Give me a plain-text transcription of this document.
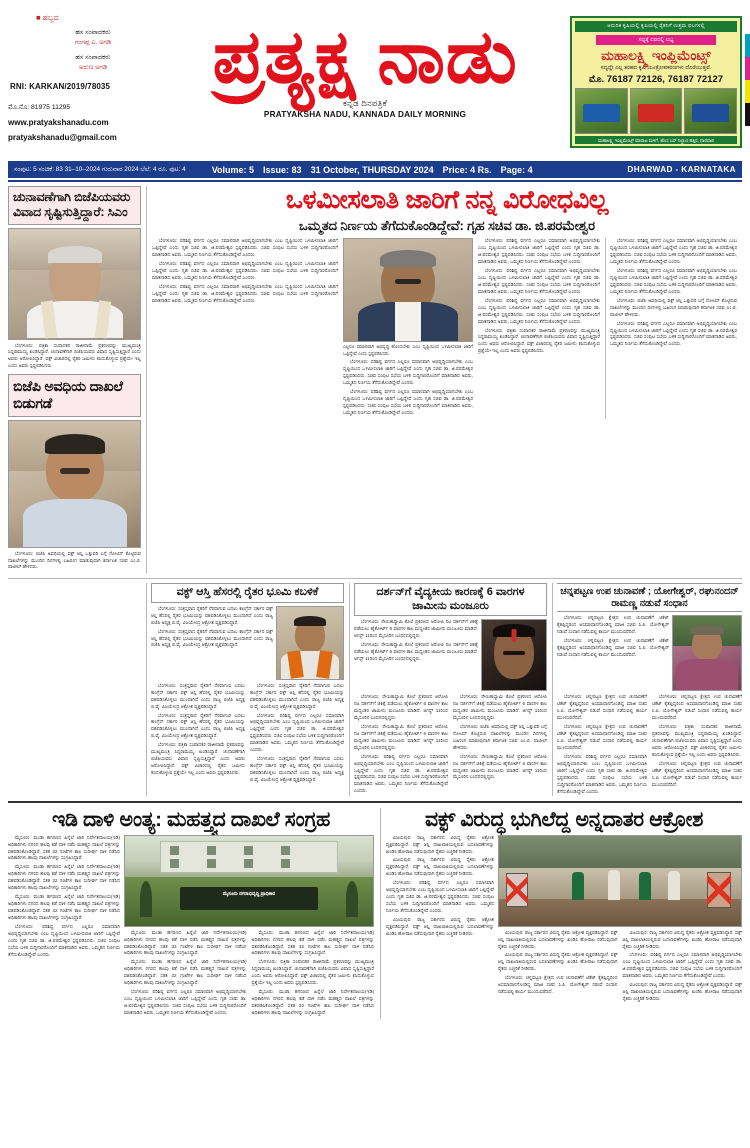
■ ಹಬ್ಬದ
ಹಸ ಸಂಪಾದಕರು
ಗಂಗಪ್ಪ ಎ. ಅಗಡಿ
ಹಸ ಸಂಪಾದಕರು
ಅರುಣ ಅಗಡಿ
RNI: KARKAN/2019/78035
ಮೊ.ನೊ: 81975 11295
www.pratyakshanadu.com
pratyakshanadu@gmail.com
ಪ್ರತ್ಯಕ್ಷ ನಾಡು
ಕನ್ನಡ ದಿನಪತ್ರಿಕೆ
PRATYAKSHA NADU, KANNADA DAILY MORNING
ಆಧುನಿಕ ಕೃಷಿಯಲ್ಲಿ ಕೃಷಿಯಲ್ಲಿ ರೈತನಿಗೆ ಉತ್ತಮ ಫಲಗಳಲ್ಲಿ
ಸಧ್ಯಕ್ಕೆ ದರದಲ್ಲಿ ಲಭ್ಯ
ಮಹಾಲಕ್ಷ್ಮಿ ಇಂಪ್ಲಿಮೆಂಟ್ಸ್
ಸದ್ಯದ್ದೇ ಎಲ್ಲ ತರಹದ ಕೃಷಿ ಯಂತ್ರೋಪಕರಣಗಳು ದೊರೆಯುತ್ತವೆ.
ಮೊ. 76187 72126, 76187 72127
ಮಹಾಲಕ್ಷ್ಮಿ ಇಂಪ್ಲಿಮೆಂಟ್ಸ್ ಮಾರಾಟ ಮಳಿಗೆ, ಹೊಸ ಬಸ್ ನಿಲ್ದಾಣ ಹತ್ತಿರ, ಧಾರವಾಡ
ಸಂಪುಟ: 5 ಸಂಚಿಕೆ: 83 31–10–2024 ಗುರುವಾರ 2024 ಬೆಲೆ: 4 ರೂ. ಪುಟ: 4	Volume: 5 Issue: 83 31 October, THURSDAY 2024 Price: 4 Rs. Page: 4	DHARWAD - KARNATAKA
ಚುನಾವಣೆಗಾಗಿ ಬಿಜೆಪಿಯವರು ವಿವಾದ ಸೃಷ್ಟಿಸುತ್ತಿದ್ದಾರೆ: ಸಿಎಂ

ಬೆಂಗಳೂರು: ಪತ್ರಿಕಾ ಸಂಪಾದಕರ ರಾಜೀನಾಮೆ ಪ್ರಕರಣವನ್ನು ಮುಖ್ಯಮಂತ್ರಿ ಸಿದ್ದರಾಮಯ್ಯ ಖಂಡಿಸಿದ್ದಾರೆ. ಚುನಾವಣೆಗಾಗಿ ಬಿಜೆಪಿಯವರು ವಿವಾದ ಸೃಷ್ಟಿಸುತ್ತಿದ್ದಾರೆ ಎಂದು ಅವರು ಆರೋಪಿಸಿದ್ದಾರೆ. ವಕ್ಫ್ ವಿಚಾರದಲ್ಲಿ ರೈತರ ಜಮೀನು ಕಸಿದುಕೊಳ್ಳುವ ಪ್ರಶ್ನೆಯೇ ಇಲ್ಲ ಎಂದು ಅವರು ಸ್ಪಷ್ಟಪಡಿಸಿದರು.

ಬಿಜೆಪಿ ಅವಧಿಯ ದಾಖಲೆ ಬಿಡುಗಡೆ

ಬೆಂಗಳೂರು: ಬಿಜೆಪಿ ಅವಧಿಯಲ್ಲಿ ವಕ್ಫ್ ಆಸ್ತಿ ಒತ್ತುವರಿ ಬಗ್ಗೆ ನೋಟಿಸ್ ಕೊಟ್ಟಿರುವ ದಾಖಲೆಗಳನ್ನು ಮುಂದಿನ ದಿನಗಳಲ್ಲಿ ಬಹಿರಂಗ ಮಾಡುವುದಾಗಿ ಕರ್ನಾಟಕ ಸಚಿವ ಎಂ.ಬಿ. ಪಾಟೀಲ್ ಹೇಳಿದರು.

ಒಳಮೀಸಲಾತಿ ಜಾರಿಗೆ ನನ್ನ ವಿರೋಧವಿಲ್ಲ
ಒಮ್ಮತದ ನಿರ್ಣಯ ತೆಗೆದುಕೊಂಡಿದ್ದೇವೆ: ಗೃಹ ಸಚಿವ ಡಾ. ಜಿ.ಪರಮೇಶ್ವರ

ಬೆಂಗಳೂರು: ಪರಿಶಿಷ್ಟ ವರ್ಗದ ಎಲ್ಲರೂ ಸಮಾನವಾಗಿ ಅಭಿವೃದ್ಧಿಯಾಗಬೇಕು ಎಂಬ ದೃಷ್ಟಿಯಿಂದ ಒಳಮೀಸಲಾತಿ ಜಾರಿಗೆ ಒಪ್ಪಿದ್ದೇವೆ ಎಂದು ಗೃಹ ಸಚಿವ ಡಾ. ಜಿ.ಪರಮೇಶ್ವರ ಸ್ಪಷ್ಟಪಡಿಸಿದರು. ಸಚಿವ ಸಂಪುಟ ಸಭೆಯ ಬಳಿಕ ಸುದ್ದಿಗಾರರೊಂದಿಗೆ ಮಾತನಾಡಿದ ಅವರು, ಒಮ್ಮತದ ನಿರ್ಣಯ ತೆಗೆದುಕೊಂಡಿದ್ದೇವೆ ಎಂದರು.

ಬೆಂಗಳೂರು: ಪರಿಶಿಷ್ಟ ವರ್ಗದ ಎಲ್ಲರೂ ಸಮಾನವಾಗಿ ಅಭಿವೃದ್ಧಿಯಾಗಬೇಕು ಎಂಬ ದೃಷ್ಟಿಯಿಂದ ಒಳಮೀಸಲಾತಿ ಜಾರಿಗೆ ಒಪ್ಪಿದ್ದೇವೆ ಎಂದು ಗೃಹ ಸಚಿವ ಡಾ. ಜಿ.ಪರಮೇಶ್ವರ ಸ್ಪಷ್ಟಪಡಿಸಿದರು. ಸಚಿವ ಸಂಪುಟ ಸಭೆಯ ಬಳಿಕ ಸುದ್ದಿಗಾರರೊಂದಿಗೆ ಮಾತನಾಡಿದ ಅವರು, ಒಮ್ಮತದ ನಿರ್ಣಯ ತೆಗೆದುಕೊಂಡಿದ್ದೇವೆ ಎಂದರು.

ಬೆಂಗಳೂರು: ಪರಿಶಿಷ್ಟ ವರ್ಗದ ಎಲ್ಲರೂ ಸಮಾನವಾಗಿ ಅಭಿವೃದ್ಧಿಯಾಗಬೇಕು ಎಂಬ ದೃಷ್ಟಿಯಿಂದ ಒಳಮೀಸಲಾತಿ ಜಾರಿಗೆ ಒಪ್ಪಿದ್ದೇವೆ ಎಂದು ಗೃಹ ಸಚಿವ ಡಾ. ಜಿ.ಪರಮೇಶ್ವರ ಸ್ಪಷ್ಟಪಡಿಸಿದರು. ಸಚಿವ ಸಂಪುಟ ಸಭೆಯ ಬಳಿಕ ಸುದ್ದಿಗಾರರೊಂದಿಗೆ ಮಾತನಾಡಿದ ಅವರು, ಒಮ್ಮತದ ನಿರ್ಣಯ ತೆಗೆದುಕೊಂಡಿದ್ದೇವೆ ಎಂದರು.

ಎಲ್ಲರೂ ಸಮಾನವಾಗಿ ಅಭಿವೃದ್ಧಿ ಹೊಂದಬೇಕು ಎಂಬ ದೃಷ್ಟಿಯಿಂದ ಒಳಮೀಸಲಾತಿ ಜಾರಿಗೆ ಒಪ್ಪಿದ್ದೇವೆ ಎಂದು ಸ್ಪಷ್ಟಪಡಿಸಿದರು.

ಬೆಂಗಳೂರು: ಪರಿಶಿಷ್ಟ ವರ್ಗದ ಎಲ್ಲರೂ ಸಮಾನವಾಗಿ ಅಭಿವೃದ್ಧಿಯಾಗಬೇಕು ಎಂಬ ದೃಷ್ಟಿಯಿಂದ ಒಳಮೀಸಲಾತಿ ಜಾರಿಗೆ ಒಪ್ಪಿದ್ದೇವೆ ಎಂದು ಗೃಹ ಸಚಿವ ಡಾ. ಜಿ.ಪರಮೇಶ್ವರ ಸ್ಪಷ್ಟಪಡಿಸಿದರು. ಸಚಿವ ಸಂಪುಟ ಸಭೆಯ ಬಳಿಕ ಸುದ್ದಿಗಾರರೊಂದಿಗೆ ಮಾತನಾಡಿದ ಅವರು, ಒಮ್ಮತದ ನಿರ್ಣಯ ತೆಗೆದುಕೊಂಡಿದ್ದೇವೆ ಎಂದರು.

ಬೆಂಗಳೂರು: ಪರಿಶಿಷ್ಟ ವರ್ಗದ ಎಲ್ಲರೂ ಸಮಾನವಾಗಿ ಅಭಿವೃದ್ಧಿಯಾಗಬೇಕು ಎಂಬ ದೃಷ್ಟಿಯಿಂದ ಒಳಮೀಸಲಾತಿ ಜಾರಿಗೆ ಒಪ್ಪಿದ್ದೇವೆ ಎಂದು ಗೃಹ ಸಚಿವ ಡಾ. ಜಿ.ಪರಮೇಶ್ವರ ಸ್ಪಷ್ಟಪಡಿಸಿದರು. ಸಚಿವ ಸಂಪುಟ ಸಭೆಯ ಬಳಿಕ ಸುದ್ದಿಗಾರರೊಂದಿಗೆ ಮಾತನಾಡಿದ ಅವರು, ಒಮ್ಮತದ ನಿರ್ಣಯ ತೆಗೆದುಕೊಂಡಿದ್ದೇವೆ ಎಂದರು.

ಬೆಂಗಳೂರು: ಪರಿಶಿಷ್ಟ ವರ್ಗದ ಎಲ್ಲರೂ ಸಮಾನವಾಗಿ ಅಭಿವೃದ್ಧಿಯಾಗಬೇಕು ಎಂಬ ದೃಷ್ಟಿಯಿಂದ ಒಳಮೀಸಲಾತಿ ಜಾರಿಗೆ ಒಪ್ಪಿದ್ದೇವೆ ಎಂದು ಗೃಹ ಸಚಿವ ಡಾ. ಜಿ.ಪರಮೇಶ್ವರ ಸ್ಪಷ್ಟಪಡಿಸಿದರು. ಸಚಿವ ಸಂಪುಟ ಸಭೆಯ ಬಳಿಕ ಸುದ್ದಿಗಾರರೊಂದಿಗೆ ಮಾತನಾಡಿದ ಅವರು, ಒಮ್ಮತದ ನಿರ್ಣಯ ತೆಗೆದುಕೊಂಡಿದ್ದೇವೆ ಎಂದರು.

ಬೆಂಗಳೂರು: ಪರಿಶಿಷ್ಟ ವರ್ಗದ ಎಲ್ಲರೂ ಸಮಾನವಾಗಿ ಅಭಿವೃದ್ಧಿಯಾಗಬೇಕು ಎಂಬ ದೃಷ್ಟಿಯಿಂದ ಒಳಮೀಸಲಾತಿ ಜಾರಿಗೆ ಒಪ್ಪಿದ್ದೇವೆ ಎಂದು ಗೃಹ ಸಚಿವ ಡಾ. ಜಿ.ಪರಮೇಶ್ವರ ಸ್ಪಷ್ಟಪಡಿಸಿದರು. ಸಚಿವ ಸಂಪುಟ ಸಭೆಯ ಬಳಿಕ ಸುದ್ದಿಗಾರರೊಂದಿಗೆ ಮಾತನಾಡಿದ ಅವರು, ಒಮ್ಮತದ ನಿರ್ಣಯ ತೆಗೆದುಕೊಂಡಿದ್ದೇವೆ ಎಂದರು.

ಬೆಂಗಳೂರು: ಪರಿಶಿಷ್ಟ ವರ್ಗದ ಎಲ್ಲರೂ ಸಮಾನವಾಗಿ ಅಭಿವೃದ್ಧಿಯಾಗಬೇಕು ಎಂಬ ದೃಷ್ಟಿಯಿಂದ ಒಳಮೀಸಲಾತಿ ಜಾರಿಗೆ ಒಪ್ಪಿದ್ದೇವೆ ಎಂದು ಗೃಹ ಸಚಿವ ಡಾ. ಜಿ.ಪರಮೇಶ್ವರ ಸ್ಪಷ್ಟಪಡಿಸಿದರು. ಸಚಿವ ಸಂಪುಟ ಸಭೆಯ ಬಳಿಕ ಸುದ್ದಿಗಾರರೊಂದಿಗೆ ಮಾತನಾಡಿದ ಅವರು, ಒಮ್ಮತದ ನಿರ್ಣಯ ತೆಗೆದುಕೊಂಡಿದ್ದೇವೆ ಎಂದರು.

ಬೆಂಗಳೂರು: ಪತ್ರಿಕಾ ಸಂಪಾದಕರ ರಾಜೀನಾಮೆ ಪ್ರಕರಣವನ್ನು ಮುಖ್ಯಮಂತ್ರಿ ಸಿದ್ದರಾಮಯ್ಯ ಖಂಡಿಸಿದ್ದಾರೆ. ಚುನಾವಣೆಗಾಗಿ ಬಿಜೆಪಿಯವರು ವಿವಾದ ಸೃಷ್ಟಿಸುತ್ತಿದ್ದಾರೆ ಎಂದು ಅವರು ಆರೋಪಿಸಿದ್ದಾರೆ. ವಕ್ಫ್ ವಿಚಾರದಲ್ಲಿ ರೈತರ ಜಮೀನು ಕಸಿದುಕೊಳ್ಳುವ ಪ್ರಶ್ನೆಯೇ ಇಲ್ಲ ಎಂದು ಅವರು ಸ್ಪಷ್ಟಪಡಿಸಿದರು.

ಬೆಂಗಳೂರು: ಪರಿಶಿಷ್ಟ ವರ್ಗದ ಎಲ್ಲರೂ ಸಮಾನವಾಗಿ ಅಭಿವೃದ್ಧಿಯಾಗಬೇಕು ಎಂಬ ದೃಷ್ಟಿಯಿಂದ ಒಳಮೀಸಲಾತಿ ಜಾರಿಗೆ ಒಪ್ಪಿದ್ದೇವೆ ಎಂದು ಗೃಹ ಸಚಿವ ಡಾ. ಜಿ.ಪರಮೇಶ್ವರ ಸ್ಪಷ್ಟಪಡಿಸಿದರು. ಸಚಿವ ಸಂಪುಟ ಸಭೆಯ ಬಳಿಕ ಸುದ್ದಿಗಾರರೊಂದಿಗೆ ಮಾತನಾಡಿದ ಅವರು, ಒಮ್ಮತದ ನಿರ್ಣಯ ತೆಗೆದುಕೊಂಡಿದ್ದೇವೆ ಎಂದರು.

ಬೆಂಗಳೂರು: ಪರಿಶಿಷ್ಟ ವರ್ಗದ ಎಲ್ಲರೂ ಸಮಾನವಾಗಿ ಅಭಿವೃದ್ಧಿಯಾಗಬೇಕು ಎಂಬ ದೃಷ್ಟಿಯಿಂದ ಒಳಮೀಸಲಾತಿ ಜಾರಿಗೆ ಒಪ್ಪಿದ್ದೇವೆ ಎಂದು ಗೃಹ ಸಚಿವ ಡಾ. ಜಿ.ಪರಮೇಶ್ವರ ಸ್ಪಷ್ಟಪಡಿಸಿದರು. ಸಚಿವ ಸಂಪುಟ ಸಭೆಯ ಬಳಿಕ ಸುದ್ದಿಗಾರರೊಂದಿಗೆ ಮಾತನಾಡಿದ ಅವರು, ಒಮ್ಮತದ ನಿರ್ಣಯ ತೆಗೆದುಕೊಂಡಿದ್ದೇವೆ ಎಂದರು.

ಬೆಂಗಳೂರು: ಬಿಜೆಪಿ ಅವಧಿಯಲ್ಲಿ ವಕ್ಫ್ ಆಸ್ತಿ ಒತ್ತುವರಿ ಬಗ್ಗೆ ನೋಟಿಸ್ ಕೊಟ್ಟಿರುವ ದಾಖಲೆಗಳನ್ನು ಮುಂದಿನ ದಿನಗಳಲ್ಲಿ ಬಹಿರಂಗ ಮಾಡುವುದಾಗಿ ಕರ್ನಾಟಕ ಸಚಿವ ಎಂ.ಬಿ. ಪಾಟೀಲ್ ಹೇಳಿದರು.

ಬೆಂಗಳೂರು: ಪರಿಶಿಷ್ಟ ವರ್ಗದ ಎಲ್ಲರೂ ಸಮಾನವಾಗಿ ಅಭಿವೃದ್ಧಿಯಾಗಬೇಕು ಎಂಬ ದೃಷ್ಟಿಯಿಂದ ಒಳಮೀಸಲಾತಿ ಜಾರಿಗೆ ಒಪ್ಪಿದ್ದೇವೆ ಎಂದು ಗೃಹ ಸಚಿವ ಡಾ. ಜಿ.ಪರಮೇಶ್ವರ ಸ್ಪಷ್ಟಪಡಿಸಿದರು. ಸಚಿವ ಸಂಪುಟ ಸಭೆಯ ಬಳಿಕ ಸುದ್ದಿಗಾರರೊಂದಿಗೆ ಮಾತನಾಡಿದ ಅವರು, ಒಮ್ಮತದ ನಿರ್ಣಯ ತೆಗೆದುಕೊಂಡಿದ್ದೇವೆ ಎಂದರು.

ವಕ್ಫ್ ಆಸ್ತಿ ಹೆಸರಲ್ಲಿ ರೈತರ ಭೂಮಿ ಕಬಳಿಕೆ

ಬೆಂಗಳೂರು: ಸಂತ್ರಸ್ತರಾದ ರೈತರಿಗೆ ನೆರವಾಗುವ ಬದಲು ಕಾಂಗ್ರೆಸ್ ಸರ್ಕಾರ ವಕ್ಫ್ ಆಸ್ತಿ ಹೆಸರಲ್ಲಿ ರೈತರ ಭೂಮಿಯನ್ನು ವಶಪಡಿಸಿಕೊಳ್ಳಲು ಮುಂದಾಗಿದೆ ಎಂದು ರಾಜ್ಯ ಬಿಜೆಪಿ ಅಧ್ಯಕ್ಷ ಬಿ.ವೈ. ವಿಜಯೇಂದ್ರ ಆಕ್ರೋಶ ವ್ಯಕ್ತಪಡಿಸಿದ್ದಾರೆ.

ಬೆಂಗಳೂರು: ಸಂತ್ರಸ್ತರಾದ ರೈತರಿಗೆ ನೆರವಾಗುವ ಬದಲು ಕಾಂಗ್ರೆಸ್ ಸರ್ಕಾರ ವಕ್ಫ್ ಆಸ್ತಿ ಹೆಸರಲ್ಲಿ ರೈತರ ಭೂಮಿಯನ್ನು ವಶಪಡಿಸಿಕೊಳ್ಳಲು ಮುಂದಾಗಿದೆ ಎಂದು ರಾಜ್ಯ ಬಿಜೆಪಿ ಅಧ್ಯಕ್ಷ ಬಿ.ವೈ. ವಿಜಯೇಂದ್ರ ಆಕ್ರೋಶ ವ್ಯಕ್ತಪಡಿಸಿದ್ದಾರೆ.

ಬೆಂಗಳೂರು: ಸಂತ್ರಸ್ತರಾದ ರೈತರಿಗೆ ನೆರವಾಗುವ ಬದಲು ಕಾಂಗ್ರೆಸ್ ಸರ್ಕಾರ ವಕ್ಫ್ ಆಸ್ತಿ ಹೆಸರಲ್ಲಿ ರೈತರ ಭೂಮಿಯನ್ನು ವಶಪಡಿಸಿಕೊಳ್ಳಲು ಮುಂದಾಗಿದೆ ಎಂದು ರಾಜ್ಯ ಬಿಜೆಪಿ ಅಧ್ಯಕ್ಷ ಬಿ.ವೈ. ವಿಜಯೇಂದ್ರ ಆಕ್ರೋಶ ವ್ಯಕ್ತಪಡಿಸಿದ್ದಾರೆ.

ಬೆಂಗಳೂರು: ಸಂತ್ರಸ್ತರಾದ ರೈತರಿಗೆ ನೆರವಾಗುವ ಬದಲು ಕಾಂಗ್ರೆಸ್ ಸರ್ಕಾರ ವಕ್ಫ್ ಆಸ್ತಿ ಹೆಸರಲ್ಲಿ ರೈತರ ಭೂಮಿಯನ್ನು ವಶಪಡಿಸಿಕೊಳ್ಳಲು ಮುಂದಾಗಿದೆ ಎಂದು ರಾಜ್ಯ ಬಿಜೆಪಿ ಅಧ್ಯಕ್ಷ ಬಿ.ವೈ. ವಿಜಯೇಂದ್ರ ಆಕ್ರೋಶ ವ್ಯಕ್ತಪಡಿಸಿದ್ದಾರೆ.

ಬೆಂಗಳೂರು: ಪತ್ರಿಕಾ ಸಂಪಾದಕರ ರಾಜೀನಾಮೆ ಪ್ರಕರಣವನ್ನು ಮುಖ್ಯಮಂತ್ರಿ ಸಿದ್ದರಾಮಯ್ಯ ಖಂಡಿಸಿದ್ದಾರೆ. ಚುನಾವಣೆಗಾಗಿ ಬಿಜೆಪಿಯವರು ವಿವಾದ ಸೃಷ್ಟಿಸುತ್ತಿದ್ದಾರೆ ಎಂದು ಅವರು ಆರೋಪಿಸಿದ್ದಾರೆ. ವಕ್ಫ್ ವಿಚಾರದಲ್ಲಿ ರೈತರ ಜಮೀನು ಕಸಿದುಕೊಳ್ಳುವ ಪ್ರಶ್ನೆಯೇ ಇಲ್ಲ ಎಂದು ಅವರು ಸ್ಪಷ್ಟಪಡಿಸಿದರು.

ಬೆಂಗಳೂರು: ಸಂತ್ರಸ್ತರಾದ ರೈತರಿಗೆ ನೆರವಾಗುವ ಬದಲು ಕಾಂಗ್ರೆಸ್ ಸರ್ಕಾರ ವಕ್ಫ್ ಆಸ್ತಿ ಹೆಸರಲ್ಲಿ ರೈತರ ಭೂಮಿಯನ್ನು ವಶಪಡಿಸಿಕೊಳ್ಳಲು ಮುಂದಾಗಿದೆ ಎಂದು ರಾಜ್ಯ ಬಿಜೆಪಿ ಅಧ್ಯಕ್ಷ ಬಿ.ವೈ. ವಿಜಯೇಂದ್ರ ಆಕ್ರೋಶ ವ್ಯಕ್ತಪಡಿಸಿದ್ದಾರೆ.

ಬೆಂಗಳೂರು: ಪರಿಶಿಷ್ಟ ವರ್ಗದ ಎಲ್ಲರೂ ಸಮಾನವಾಗಿ ಅಭಿವೃದ್ಧಿಯಾಗಬೇಕು ಎಂಬ ದೃಷ್ಟಿಯಿಂದ ಒಳಮೀಸಲಾತಿ ಜಾರಿಗೆ ಒಪ್ಪಿದ್ದೇವೆ ಎಂದು ಗೃಹ ಸಚಿವ ಡಾ. ಜಿ.ಪರಮೇಶ್ವರ ಸ್ಪಷ್ಟಪಡಿಸಿದರು. ಸಚಿವ ಸಂಪುಟ ಸಭೆಯ ಬಳಿಕ ಸುದ್ದಿಗಾರರೊಂದಿಗೆ ಮಾತನಾಡಿದ ಅವರು, ಒಮ್ಮತದ ನಿರ್ಣಯ ತೆಗೆದುಕೊಂಡಿದ್ದೇವೆ ಎಂದರು.

ಬೆಂಗಳೂರು: ಸಂತ್ರಸ್ತರಾದ ರೈತರಿಗೆ ನೆರವಾಗುವ ಬದಲು ಕಾಂಗ್ರೆಸ್ ಸರ್ಕಾರ ವಕ್ಫ್ ಆಸ್ತಿ ಹೆಸರಲ್ಲಿ ರೈತರ ಭೂಮಿಯನ್ನು ವಶಪಡಿಸಿಕೊಳ್ಳಲು ಮುಂದಾಗಿದೆ ಎಂದು ರಾಜ್ಯ ಬಿಜೆಪಿ ಅಧ್ಯಕ್ಷ ಬಿ.ವೈ. ವಿಜಯೇಂದ್ರ ಆಕ್ರೋಶ ವ್ಯಕ್ತಪಡಿಸಿದ್ದಾರೆ.

ದರ್ಶನ್‌ಗೆ ವೈದ್ಯಕೀಯ ಕಾರಣಕ್ಕೆ 6 ವಾರಗಳ ಜಾಮೀನು ಮಂಜೂರು

ಬೆಂಗಳೂರು: ರೇಣುಕಾಸ್ವಾಮಿ ಕೊಲೆ ಪ್ರಕರಣದ ಆರೋಪಿ ನಟ ದರ್ಶನ್‌ಗೆ ಚಿಕಿತ್ಸೆ ಪಡೆಯಲು ಹೈಕೋರ್ಟ್ 6 ವಾರಗಳ ಕಾಲ ಮಧ್ಯಂತರ ಜಾಮೀನು ಮಂಜೂರು ಮಾಡಿದೆ. ಆಗಸ್ಟ್ 11ರಿಂದ ಮೈಸೂರಿನ ಬಂಧನದಲ್ಲಿದ್ದರು.

ಬೆಂಗಳೂರು: ರೇಣುಕಾಸ್ವಾಮಿ ಕೊಲೆ ಪ್ರಕರಣದ ಆರೋಪಿ ನಟ ದರ್ಶನ್‌ಗೆ ಚಿಕಿತ್ಸೆ ಪಡೆಯಲು ಹೈಕೋರ್ಟ್ 6 ವಾರಗಳ ಕಾಲ ಮಧ್ಯಂತರ ಜಾಮೀನು ಮಂಜೂರು ಮಾಡಿದೆ. ಆಗಸ್ಟ್ 11ರಿಂದ ಮೈಸೂರಿನ ಬಂಧನದಲ್ಲಿದ್ದರು.

ಬೆಂಗಳೂರು: ರೇಣುಕಾಸ್ವಾಮಿ ಕೊಲೆ ಪ್ರಕರಣದ ಆರೋಪಿ ನಟ ದರ್ಶನ್‌ಗೆ ಚಿಕಿತ್ಸೆ ಪಡೆಯಲು ಹೈಕೋರ್ಟ್ 6 ವಾರಗಳ ಕಾಲ ಮಧ್ಯಂತರ ಜಾಮೀನು ಮಂಜೂರು ಮಾಡಿದೆ. ಆಗಸ್ಟ್ 11ರಿಂದ ಮೈಸೂರಿನ ಬಂಧನದಲ್ಲಿದ್ದರು.

ಬೆಂಗಳೂರು: ರೇಣುಕಾಸ್ವಾಮಿ ಕೊಲೆ ಪ್ರಕರಣದ ಆರೋಪಿ ನಟ ದರ್ಶನ್‌ಗೆ ಚಿಕಿತ್ಸೆ ಪಡೆಯಲು ಹೈಕೋರ್ಟ್ 6 ವಾರಗಳ ಕಾಲ ಮಧ್ಯಂತರ ಜಾಮೀನು ಮಂಜೂರು ಮಾಡಿದೆ. ಆಗಸ್ಟ್ 11ರಿಂದ ಮೈಸೂರಿನ ಬಂಧನದಲ್ಲಿದ್ದರು.

ಬೆಂಗಳೂರು: ಪರಿಶಿಷ್ಟ ವರ್ಗದ ಎಲ್ಲರೂ ಸಮಾನವಾಗಿ ಅಭಿವೃದ್ಧಿಯಾಗಬೇಕು ಎಂಬ ದೃಷ್ಟಿಯಿಂದ ಒಳಮೀಸಲಾತಿ ಜಾರಿಗೆ ಒಪ್ಪಿದ್ದೇವೆ ಎಂದು ಗೃಹ ಸಚಿವ ಡಾ. ಜಿ.ಪರಮೇಶ್ವರ ಸ್ಪಷ್ಟಪಡಿಸಿದರು. ಸಚಿವ ಸಂಪುಟ ಸಭೆಯ ಬಳಿಕ ಸುದ್ದಿಗಾರರೊಂದಿಗೆ ಮಾತನಾಡಿದ ಅವರು, ಒಮ್ಮತದ ನಿರ್ಣಯ ತೆಗೆದುಕೊಂಡಿದ್ದೇವೆ ಎಂದರು.

ಬೆಂಗಳೂರು: ರೇಣುಕಾಸ್ವಾಮಿ ಕೊಲೆ ಪ್ರಕರಣದ ಆರೋಪಿ ನಟ ದರ್ಶನ್‌ಗೆ ಚಿಕಿತ್ಸೆ ಪಡೆಯಲು ಹೈಕೋರ್ಟ್ 6 ವಾರಗಳ ಕಾಲ ಮಧ್ಯಂತರ ಜಾಮೀನು ಮಂಜೂರು ಮಾಡಿದೆ. ಆಗಸ್ಟ್ 11ರಿಂದ ಮೈಸೂರಿನ ಬಂಧನದಲ್ಲಿದ್ದರು.

ಬೆಂಗಳೂರು: ಬಿಜೆಪಿ ಅವಧಿಯಲ್ಲಿ ವಕ್ಫ್ ಆಸ್ತಿ ಒತ್ತುವರಿ ಬಗ್ಗೆ ನೋಟಿಸ್ ಕೊಟ್ಟಿರುವ ದಾಖಲೆಗಳನ್ನು ಮುಂದಿನ ದಿನಗಳಲ್ಲಿ ಬಹಿರಂಗ ಮಾಡುವುದಾಗಿ ಕರ್ನಾಟಕ ಸಚಿವ ಎಂ.ಬಿ. ಪಾಟೀಲ್ ಹೇಳಿದರು.

ಬೆಂಗಳೂರು: ರೇಣುಕಾಸ್ವಾಮಿ ಕೊಲೆ ಪ್ರಕರಣದ ಆರೋಪಿ ನಟ ದರ್ಶನ್‌ಗೆ ಚಿಕಿತ್ಸೆ ಪಡೆಯಲು ಹೈಕೋರ್ಟ್ 6 ವಾರಗಳ ಕಾಲ ಮಧ್ಯಂತರ ಜಾಮೀನು ಮಂಜೂರು ಮಾಡಿದೆ. ಆಗಸ್ಟ್ 11ರಿಂದ ಮೈಸೂರಿನ ಬಂಧನದಲ್ಲಿದ್ದರು.

ಚನ್ನಪಟ್ಟಣ ಉಪ ಚುನಾವಣೆ ; ಯೋಗೇಶ್ವರ್, ರಘುನಂದನ್ ರಾಮಣ್ಣ ನಡುವೆ ಸಂಧಾನ

ಬೆಂಗಳೂರು: ಚನ್ನಪಟ್ಟಣ ಕ್ಷೇತ್ರದ ಉಪ ಚುನಾವಣೆಗೆ ಟಿಕೆಟ್ ಕೈತಪ್ಪಿದ್ದರಿಂದ ಅಸಮಾಧಾನಗೊಂಡಿದ್ದ ಮಾಜಿ ಸಚಿವ ಸಿ.ಪಿ. ಯೋಗೇಶ್ವರ್ ನಡುವೆ ಸಂಧಾನ ನಡೆಸುವಲ್ಲಿ ಕಾರ್ಯ ಮುಂದುವರೆದಿದೆ.

ಬೆಂಗಳೂರು: ಚನ್ನಪಟ್ಟಣ ಕ್ಷೇತ್ರದ ಉಪ ಚುನಾವಣೆಗೆ ಟಿಕೆಟ್ ಕೈತಪ್ಪಿದ್ದರಿಂದ ಅಸಮಾಧಾನಗೊಂಡಿದ್ದ ಮಾಜಿ ಸಚಿವ ಸಿ.ಪಿ. ಯೋಗೇಶ್ವರ್ ನಡುವೆ ಸಂಧಾನ ನಡೆಸುವಲ್ಲಿ ಕಾರ್ಯ ಮುಂದುವರೆದಿದೆ.

ಬೆಂಗಳೂರು: ಚನ್ನಪಟ್ಟಣ ಕ್ಷೇತ್ರದ ಉಪ ಚುನಾವಣೆಗೆ ಟಿಕೆಟ್ ಕೈತಪ್ಪಿದ್ದರಿಂದ ಅಸಮಾಧಾನಗೊಂಡಿದ್ದ ಮಾಜಿ ಸಚಿವ ಸಿ.ಪಿ. ಯೋಗೇಶ್ವರ್ ನಡುವೆ ಸಂಧಾನ ನಡೆಸುವಲ್ಲಿ ಕಾರ್ಯ ಮುಂದುವರೆದಿದೆ.

ಬೆಂಗಳೂರು: ಚನ್ನಪಟ್ಟಣ ಕ್ಷೇತ್ರದ ಉಪ ಚುನಾವಣೆಗೆ ಟಿಕೆಟ್ ಕೈತಪ್ಪಿದ್ದರಿಂದ ಅಸಮಾಧಾನಗೊಂಡಿದ್ದ ಮಾಜಿ ಸಚಿವ ಸಿ.ಪಿ. ಯೋಗೇಶ್ವರ್ ನಡುವೆ ಸಂಧಾನ ನಡೆಸುವಲ್ಲಿ ಕಾರ್ಯ ಮುಂದುವರೆದಿದೆ.

ಬೆಂಗಳೂರು: ಪರಿಶಿಷ್ಟ ವರ್ಗದ ಎಲ್ಲರೂ ಸಮಾನವಾಗಿ ಅಭಿವೃದ್ಧಿಯಾಗಬೇಕು ಎಂಬ ದೃಷ್ಟಿಯಿಂದ ಒಳಮೀಸಲಾತಿ ಜಾರಿಗೆ ಒಪ್ಪಿದ್ದೇವೆ ಎಂದು ಗೃಹ ಸಚಿವ ಡಾ. ಜಿ.ಪರಮೇಶ್ವರ ಸ್ಪಷ್ಟಪಡಿಸಿದರು. ಸಚಿವ ಸಂಪುಟ ಸಭೆಯ ಬಳಿಕ ಸುದ್ದಿಗಾರರೊಂದಿಗೆ ಮಾತನಾಡಿದ ಅವರು, ಒಮ್ಮತದ ನಿರ್ಣಯ ತೆಗೆದುಕೊಂಡಿದ್ದೇವೆ ಎಂದರು.

ಬೆಂಗಳೂರು: ಚನ್ನಪಟ್ಟಣ ಕ್ಷೇತ್ರದ ಉಪ ಚುನಾವಣೆಗೆ ಟಿಕೆಟ್ ಕೈತಪ್ಪಿದ್ದರಿಂದ ಅಸಮಾಧಾನಗೊಂಡಿದ್ದ ಮಾಜಿ ಸಚಿವ ಸಿ.ಪಿ. ಯೋಗೇಶ್ವರ್ ನಡುವೆ ಸಂಧಾನ ನಡೆಸುವಲ್ಲಿ ಕಾರ್ಯ ಮುಂದುವರೆದಿದೆ.

ಬೆಂಗಳೂರು: ಪತ್ರಿಕಾ ಸಂಪಾದಕರ ರಾಜೀನಾಮೆ ಪ್ರಕರಣವನ್ನು ಮುಖ್ಯಮಂತ್ರಿ ಸಿದ್ದರಾಮಯ್ಯ ಖಂಡಿಸಿದ್ದಾರೆ. ಚುನಾವಣೆಗಾಗಿ ಬಿಜೆಪಿಯವರು ವಿವಾದ ಸೃಷ್ಟಿಸುತ್ತಿದ್ದಾರೆ ಎಂದು ಅವರು ಆರೋಪಿಸಿದ್ದಾರೆ. ವಕ್ಫ್ ವಿಚಾರದಲ್ಲಿ ರೈತರ ಜಮೀನು ಕಸಿದುಕೊಳ್ಳುವ ಪ್ರಶ್ನೆಯೇ ಇಲ್ಲ ಎಂದು ಅವರು ಸ್ಪಷ್ಟಪಡಿಸಿದರು.

ಬೆಂಗಳೂರು: ಚನ್ನಪಟ್ಟಣ ಕ್ಷೇತ್ರದ ಉಪ ಚುನಾವಣೆಗೆ ಟಿಕೆಟ್ ಕೈತಪ್ಪಿದ್ದರಿಂದ ಅಸಮಾಧಾನಗೊಂಡಿದ್ದ ಮಾಜಿ ಸಚಿವ ಸಿ.ಪಿ. ಯೋಗೇಶ್ವರ್ ನಡುವೆ ಸಂಧಾನ ನಡೆಸುವಲ್ಲಿ ಕಾರ್ಯ ಮುಂದುವರೆದಿದೆ.

ಇಡಿ ದಾಳಿ ಅಂತ್ಯ: ಮಹತ್ತ್ವದ ದಾಖಲೆ ಸಂಗ್ರಹ

ಮೈಸೂರು: ಮುಡಾ ಹಗರಣದ ಹಿನ್ನೆಲೆ ಜಾರಿ ನಿರ್ದೇಶನಾಲಯ(ಇಡಿ) ಅಧಿಕಾರಿಗಳು ನಗರದ ಹಲವು ಕಡೆ ದಾಳಿ ನಡೆಸಿ ಮಹತ್ತ್ವದ ದಾಖಲೆ ಪತ್ರಗಳನ್ನು ವಶಪಡಿಸಿಕೊಂಡಿದ್ದಾರೆ. ಸತತ 32 ಗಂಟೆಗಳ ಕಾಲ ಸುದೀರ್ಘ ದಾಳಿ ನಡೆಸಿದ ಅಧಿಕಾರಿಗಳು ಹಲವು ದಾಖಲೆಗಳನ್ನು ಸಂಗ್ರಹಿಸಿದ್ದಾರೆ.

ಮೈಸೂರು: ಮುಡಾ ಹಗರಣದ ಹಿನ್ನೆಲೆ ಜಾರಿ ನಿರ್ದೇಶನಾಲಯ(ಇಡಿ) ಅಧಿಕಾರಿಗಳು ನಗರದ ಹಲವು ಕಡೆ ದಾಳಿ ನಡೆಸಿ ಮಹತ್ತ್ವದ ದಾಖಲೆ ಪತ್ರಗಳನ್ನು ವಶಪಡಿಸಿಕೊಂಡಿದ್ದಾರೆ. ಸತತ 32 ಗಂಟೆಗಳ ಕಾಲ ಸುದೀರ್ಘ ದಾಳಿ ನಡೆಸಿದ ಅಧಿಕಾರಿಗಳು ಹಲವು ದಾಖಲೆಗಳನ್ನು ಸಂಗ್ರಹಿಸಿದ್ದಾರೆ.

ಮೈಸೂರು: ಮುಡಾ ಹಗರಣದ ಹಿನ್ನೆಲೆ ಜಾರಿ ನಿರ್ದೇಶನಾಲಯ(ಇಡಿ) ಅಧಿಕಾರಿಗಳು ನಗರದ ಹಲವು ಕಡೆ ದಾಳಿ ನಡೆಸಿ ಮಹತ್ತ್ವದ ದಾಖಲೆ ಪತ್ರಗಳನ್ನು ವಶಪಡಿಸಿಕೊಂಡಿದ್ದಾರೆ. ಸತತ 32 ಗಂಟೆಗಳ ಕಾಲ ಸುದೀರ್ಘ ದಾಳಿ ನಡೆಸಿದ ಅಧಿಕಾರಿಗಳು ಹಲವು ದಾಖಲೆಗಳನ್ನು ಸಂಗ್ರಹಿಸಿದ್ದಾರೆ.

ಬೆಂಗಳೂರು: ಪರಿಶಿಷ್ಟ ವರ್ಗದ ಎಲ್ಲರೂ ಸಮಾನವಾಗಿ ಅಭಿವೃದ್ಧಿಯಾಗಬೇಕು ಎಂಬ ದೃಷ್ಟಿಯಿಂದ ಒಳಮೀಸಲಾತಿ ಜಾರಿಗೆ ಒಪ್ಪಿದ್ದೇವೆ ಎಂದು ಗೃಹ ಸಚಿವ ಡಾ. ಜಿ.ಪರಮೇಶ್ವರ ಸ್ಪಷ್ಟಪಡಿಸಿದರು. ಸಚಿವ ಸಂಪುಟ ಸಭೆಯ ಬಳಿಕ ಸುದ್ದಿಗಾರರೊಂದಿಗೆ ಮಾತನಾಡಿದ ಅವರು, ಒಮ್ಮತದ ನಿರ್ಣಯ ತೆಗೆದುಕೊಂಡಿದ್ದೇವೆ ಎಂದರು.

ಮೈಸೂರು ನಗರಾಭಿವೃದ್ಧಿ ಪ್ರಾಧಿಕಾರ

ಮೈಸೂರು: ಮುಡಾ ಹಗರಣದ ಹಿನ್ನೆಲೆ ಜಾರಿ ನಿರ್ದೇಶನಾಲಯ(ಇಡಿ) ಅಧಿಕಾರಿಗಳು ನಗರದ ಹಲವು ಕಡೆ ದಾಳಿ ನಡೆಸಿ ಮಹತ್ತ್ವದ ದಾಖಲೆ ಪತ್ರಗಳನ್ನು ವಶಪಡಿಸಿಕೊಂಡಿದ್ದಾರೆ. ಸತತ 32 ಗಂಟೆಗಳ ಕಾಲ ಸುದೀರ್ಘ ದಾಳಿ ನಡೆಸಿದ ಅಧಿಕಾರಿಗಳು ಹಲವು ದಾಖಲೆಗಳನ್ನು ಸಂಗ್ರಹಿಸಿದ್ದಾರೆ.

ಮೈಸೂರು: ಮುಡಾ ಹಗರಣದ ಹಿನ್ನೆಲೆ ಜಾರಿ ನಿರ್ದೇಶನಾಲಯ(ಇಡಿ) ಅಧಿಕಾರಿಗಳು ನಗರದ ಹಲವು ಕಡೆ ದಾಳಿ ನಡೆಸಿ ಮಹತ್ತ್ವದ ದಾಖಲೆ ಪತ್ರಗಳನ್ನು ವಶಪಡಿಸಿಕೊಂಡಿದ್ದಾರೆ. ಸತತ 32 ಗಂಟೆಗಳ ಕಾಲ ಸುದೀರ್ಘ ದಾಳಿ ನಡೆಸಿದ ಅಧಿಕಾರಿಗಳು ಹಲವು ದಾಖಲೆಗಳನ್ನು ಸಂಗ್ರಹಿಸಿದ್ದಾರೆ.

ಬೆಂಗಳೂರು: ಪರಿಶಿಷ್ಟ ವರ್ಗದ ಎಲ್ಲರೂ ಸಮಾನವಾಗಿ ಅಭಿವೃದ್ಧಿಯಾಗಬೇಕು ಎಂಬ ದೃಷ್ಟಿಯಿಂದ ಒಳಮೀಸಲಾತಿ ಜಾರಿಗೆ ಒಪ್ಪಿದ್ದೇವೆ ಎಂದು ಗೃಹ ಸಚಿವ ಡಾ. ಜಿ.ಪರಮೇಶ್ವರ ಸ್ಪಷ್ಟಪಡಿಸಿದರು. ಸಚಿವ ಸಂಪುಟ ಸಭೆಯ ಬಳಿಕ ಸುದ್ದಿಗಾರರೊಂದಿಗೆ ಮಾತನಾಡಿದ ಅವರು, ಒಮ್ಮತದ ನಿರ್ಣಯ ತೆಗೆದುಕೊಂಡಿದ್ದೇವೆ ಎಂದರು.

ಮೈಸೂರು: ಮುಡಾ ಹಗರಣದ ಹಿನ್ನೆಲೆ ಜಾರಿ ನಿರ್ದೇಶನಾಲಯ(ಇಡಿ) ಅಧಿಕಾರಿಗಳು ನಗರದ ಹಲವು ಕಡೆ ದಾಳಿ ನಡೆಸಿ ಮಹತ್ತ್ವದ ದಾಖಲೆ ಪತ್ರಗಳನ್ನು ವಶಪಡಿಸಿಕೊಂಡಿದ್ದಾರೆ. ಸತತ 32 ಗಂಟೆಗಳ ಕಾಲ ಸುದೀರ್ಘ ದಾಳಿ ನಡೆಸಿದ ಅಧಿಕಾರಿಗಳು ಹಲವು ದಾಖಲೆಗಳನ್ನು ಸಂಗ್ರಹಿಸಿದ್ದಾರೆ.

ಬೆಂಗಳೂರು: ಪತ್ರಿಕಾ ಸಂಪಾದಕರ ರಾಜೀನಾಮೆ ಪ್ರಕರಣವನ್ನು ಮುಖ್ಯಮಂತ್ರಿ ಸಿದ್ದರಾಮಯ್ಯ ಖಂಡಿಸಿದ್ದಾರೆ. ಚುನಾವಣೆಗಾಗಿ ಬಿಜೆಪಿಯವರು ವಿವಾದ ಸೃಷ್ಟಿಸುತ್ತಿದ್ದಾರೆ ಎಂದು ಅವರು ಆರೋಪಿಸಿದ್ದಾರೆ. ವಕ್ಫ್ ವಿಚಾರದಲ್ಲಿ ರೈತರ ಜಮೀನು ಕಸಿದುಕೊಳ್ಳುವ ಪ್ರಶ್ನೆಯೇ ಇಲ್ಲ ಎಂದು ಅವರು ಸ್ಪಷ್ಟಪಡಿಸಿದರು.

ಮೈಸೂರು: ಮುಡಾ ಹಗರಣದ ಹಿನ್ನೆಲೆ ಜಾರಿ ನಿರ್ದೇಶನಾಲಯ(ಇಡಿ) ಅಧಿಕಾರಿಗಳು ನಗರದ ಹಲವು ಕಡೆ ದಾಳಿ ನಡೆಸಿ ಮಹತ್ತ್ವದ ದಾಖಲೆ ಪತ್ರಗಳನ್ನು ವಶಪಡಿಸಿಕೊಂಡಿದ್ದಾರೆ. ಸತತ 32 ಗಂಟೆಗಳ ಕಾಲ ಸುದೀರ್ಘ ದಾಳಿ ನಡೆಸಿದ ಅಧಿಕಾರಿಗಳು ಹಲವು ದಾಖಲೆಗಳನ್ನು ಸಂಗ್ರಹಿಸಿದ್ದಾರೆ.

ವಕ್ಫ್ ವಿರುದ್ಧ ಭುಗಿಲೆದ್ದ ಅನ್ನದಾತರ ಆಕ್ರೋಶ

ವಿಜಯಪುರ: ರಾಜ್ಯ ಸರ್ಕಾರದ ವಿರುದ್ಧ ರೈತರು ಆಕ್ರೋಶ ವ್ಯಕ್ತಪಡಿಸಿದ್ದಾರೆ. ವಕ್ಫ್ ಆಸ್ತಿ ದಾಖಲಾತಿಯಲ್ಲಿರುವ ಬದಲಾವಣೆಗಳನ್ನು ಖಂಡಿಸಿ ಹೋರಾಟ ನಡೆಸುವುದಾಗಿ ರೈತರು ಎಚ್ಚರಿಕೆ ನೀಡಿದರು.

ವಿಜಯಪುರ: ರಾಜ್ಯ ಸರ್ಕಾರದ ವಿರುದ್ಧ ರೈತರು ಆಕ್ರೋಶ ವ್ಯಕ್ತಪಡಿಸಿದ್ದಾರೆ. ವಕ್ಫ್ ಆಸ್ತಿ ದಾಖಲಾತಿಯಲ್ಲಿರುವ ಬದಲಾವಣೆಗಳನ್ನು ಖಂಡಿಸಿ ಹೋರಾಟ ನಡೆಸುವುದಾಗಿ ರೈತರು ಎಚ್ಚರಿಕೆ ನೀಡಿದರು.

ಬೆಂಗಳೂರು: ಪರಿಶಿಷ್ಟ ವರ್ಗದ ಎಲ್ಲರೂ ಸಮಾನವಾಗಿ ಅಭಿವೃದ್ಧಿಯಾಗಬೇಕು ಎಂಬ ದೃಷ್ಟಿಯಿಂದ ಒಳಮೀಸಲಾತಿ ಜಾರಿಗೆ ಒಪ್ಪಿದ್ದೇವೆ ಎಂದು ಗೃಹ ಸಚಿವ ಡಾ. ಜಿ.ಪರಮೇಶ್ವರ ಸ್ಪಷ್ಟಪಡಿಸಿದರು. ಸಚಿವ ಸಂಪುಟ ಸಭೆಯ ಬಳಿಕ ಸುದ್ದಿಗಾರರೊಂದಿಗೆ ಮಾತನಾಡಿದ ಅವರು, ಒಮ್ಮತದ ನಿರ್ಣಯ ತೆಗೆದುಕೊಂಡಿದ್ದೇವೆ ಎಂದರು.

ವಿಜಯಪುರ: ರಾಜ್ಯ ಸರ್ಕಾರದ ವಿರುದ್ಧ ರೈತರು ಆಕ್ರೋಶ ವ್ಯಕ್ತಪಡಿಸಿದ್ದಾರೆ. ವಕ್ಫ್ ಆಸ್ತಿ ದಾಖಲಾತಿಯಲ್ಲಿರುವ ಬದಲಾವಣೆಗಳನ್ನು ಖಂಡಿಸಿ ಹೋರಾಟ ನಡೆಸುವುದಾಗಿ ರೈತರು ಎಚ್ಚರಿಕೆ ನೀಡಿದರು.	ವಿಜಯಪುರ: ರಾಜ್ಯ ಸರ್ಕಾರದ ವಿರುದ್ಧ ರೈತರು ಆಕ್ರೋಶ ವ್ಯಕ್ತಪಡಿಸಿದ್ದಾರೆ. ವಕ್ಫ್ ಆಸ್ತಿ ದಾಖಲಾತಿಯಲ್ಲಿರುವ ಬದಲಾವಣೆಗಳನ್ನು ಖಂಡಿಸಿ ಹೋರಾಟ ನಡೆಸುವುದಾಗಿ ರೈತರು ಎಚ್ಚರಿಕೆ ನೀಡಿದರು.

ವಿಜಯಪುರ: ರಾಜ್ಯ ಸರ್ಕಾರದ ವಿರುದ್ಧ ರೈತರು ಆಕ್ರೋಶ ವ್ಯಕ್ತಪಡಿಸಿದ್ದಾರೆ. ವಕ್ಫ್ ಆಸ್ತಿ ದಾಖಲಾತಿಯಲ್ಲಿರುವ ಬದಲಾವಣೆಗಳನ್ನು ಖಂಡಿಸಿ ಹೋರಾಟ ನಡೆಸುವುದಾಗಿ ರೈತರು ಎಚ್ಚರಿಕೆ ನೀಡಿದರು.

ಬೆಂಗಳೂರು: ಚನ್ನಪಟ್ಟಣ ಕ್ಷೇತ್ರದ ಉಪ ಚುನಾವಣೆಗೆ ಟಿಕೆಟ್ ಕೈತಪ್ಪಿದ್ದರಿಂದ ಅಸಮಾಧಾನಗೊಂಡಿದ್ದ ಮಾಜಿ ಸಚಿವ ಸಿ.ಪಿ. ಯೋಗೇಶ್ವರ್ ನಡುವೆ ಸಂಧಾನ ನಡೆಸುವಲ್ಲಿ ಕಾರ್ಯ ಮುಂದುವರೆದಿದೆ.

ವಿಜಯಪುರ: ರಾಜ್ಯ ಸರ್ಕಾರದ ವಿರುದ್ಧ ರೈತರು ಆಕ್ರೋಶ ವ್ಯಕ್ತಪಡಿಸಿದ್ದಾರೆ. ವಕ್ಫ್ ಆಸ್ತಿ ದಾಖಲಾತಿಯಲ್ಲಿರುವ ಬದಲಾವಣೆಗಳನ್ನು ಖಂಡಿಸಿ ಹೋರಾಟ ನಡೆಸುವುದಾಗಿ ರೈತರು ಎಚ್ಚರಿಕೆ ನೀಡಿದರು.

ಬೆಂಗಳೂರು: ಪರಿಶಿಷ್ಟ ವರ್ಗದ ಎಲ್ಲರೂ ಸಮಾನವಾಗಿ ಅಭಿವೃದ್ಧಿಯಾಗಬೇಕು ಎಂಬ ದೃಷ್ಟಿಯಿಂದ ಒಳಮೀಸಲಾತಿ ಜಾರಿಗೆ ಒಪ್ಪಿದ್ದೇವೆ ಎಂದು ಗೃಹ ಸಚಿವ ಡಾ. ಜಿ.ಪರಮೇಶ್ವರ ಸ್ಪಷ್ಟಪಡಿಸಿದರು. ಸಚಿವ ಸಂಪುಟ ಸಭೆಯ ಬಳಿಕ ಸುದ್ದಿಗಾರರೊಂದಿಗೆ ಮಾತನಾಡಿದ ಅವರು, ಒಮ್ಮತದ ನಿರ್ಣಯ ತೆಗೆದುಕೊಂಡಿದ್ದೇವೆ ಎಂದರು.

ವಿಜಯಪುರ: ರಾಜ್ಯ ಸರ್ಕಾರದ ವಿರುದ್ಧ ರೈತರು ಆಕ್ರೋಶ ವ್ಯಕ್ತಪಡಿಸಿದ್ದಾರೆ. ವಕ್ಫ್ ಆಸ್ತಿ ದಾಖಲಾತಿಯಲ್ಲಿರುವ ಬದಲಾವಣೆಗಳನ್ನು ಖಂಡಿಸಿ ಹೋರಾಟ ನಡೆಸುವುದಾಗಿ ರೈತರು ಎಚ್ಚರಿಕೆ ನೀಡಿದರು.
